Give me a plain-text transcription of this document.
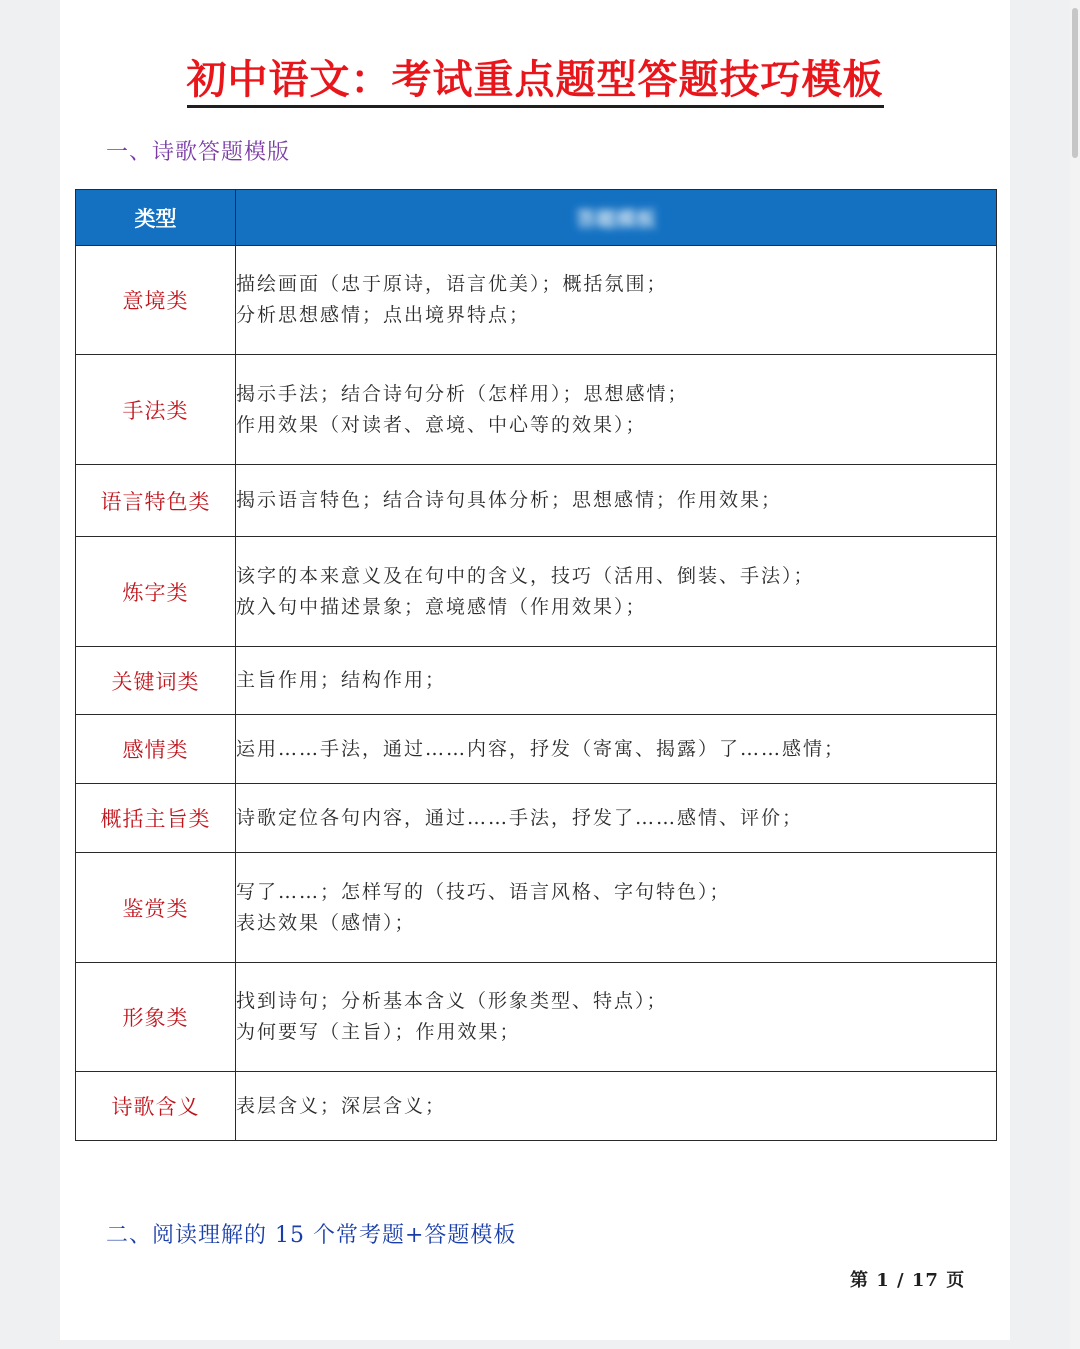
初中语文：考试重点题型答题技巧模板
一、诗歌答题模版
类型	答题模板
意境类	描绘画面（忠于原诗，语言优美）；概括氛围；
分析思想感情；点出境界特点；

手法类	揭示手法；结合诗句分析（怎样用）；思想感情；
作用效果（对读者、意境、中心等的效果）；

语言特色类	揭示语言特色；结合诗句具体分析；思想感情；作用效果；

炼字类	该字的本来意义及在句中的含义，技巧（活用、倒装、手法）；
放入句中描述景象；意境感情（作用效果）；

关键词类	主旨作用；结构作用；

感情类	运用……手法，通过……内容，抒发（寄寓、揭露）了……感情；

概括主旨类	诗歌定位各句内容，通过……手法，抒发了……感情、评价；

鉴赏类	写了……；怎样写的（技巧、语言风格、字句特色）；
表达效果（感情）；

形象类	找到诗句；分析基本含义（形象类型、特点）；
为何要写（主旨）；作用效果；

诗歌含义	表层含义；深层含义；
二、阅读理解的 15 个常考题+答题模板
第 1 / 17 页
